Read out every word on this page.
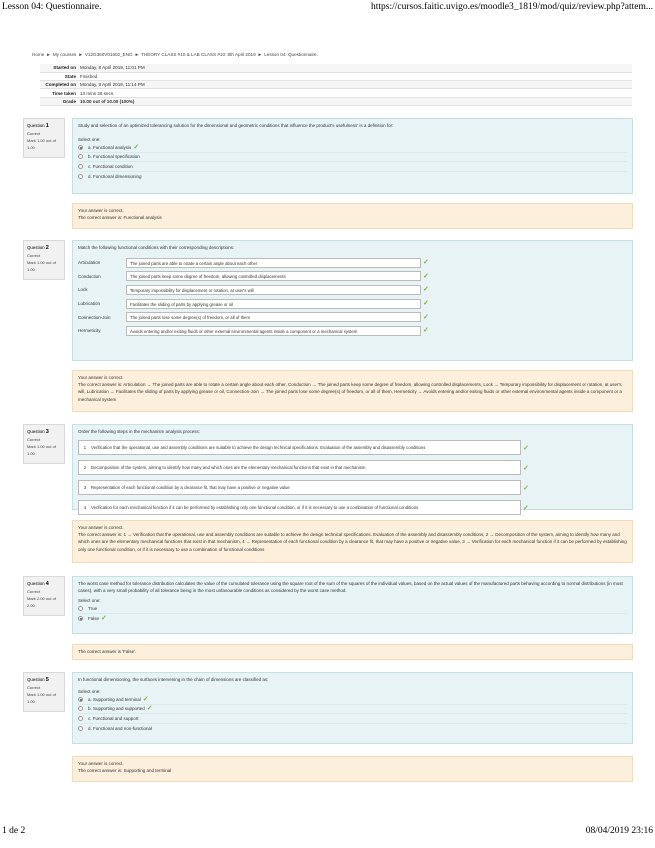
Lesson 04: Questionnaire.	https://cursos.faitic.uvigo.es/moodle3_1819/mod/quiz/review.php?attem...
Home ► My courses ► V12G360V01602_ENG ► THEORY CLASS #10 & LAB CLASS #10: 8th April 2019 ► Lesson 04: Questionnaire.
Started on	Monday, 8 April 2019, 11:01 PM
State	Finished
Completed on	Monday, 8 April 2019, 11:14 PM
Time taken	13 mins 26 secs
Grade	10.00 out of 10.00 (100%)
Question 1
Correct
Mark 1.00 out of 1.00
Study and selection of an optimized tolerancing solution for the dimensional and geometric conditions that influence the product's usefulness' is a definition for:
Select one:
a. Functional analysis ✓
b. Functional specification
c. Functional condition
d. Functional dimensioning
Your answer is correct.
The correct answer is: Functional analysis
Question 2
Correct
Mark 1.00 out of 1.00
Match the following functional conditions with their corresponding descriptions:
Articulation	The joined parts are able to rotate a certain angle about each other	✓
Conduction	The joined parts keep some degree of freedom, allowing controlled displacements	✓
Lock	Temporary impossibility for displacement or rotation, at user's will	✓
Lubrication	Facilitates the sliding of parts by applying grease or oil	✓
Connection-Join	The joined parts lose some degree(s) of freedom, or all of them	✓
Hermeticity	Avoids entering and/or exiting fluids or other external environmental agents inside a component or a mechanical system	✓
Your answer is correct.
The correct answer is: Articulation → The joined parts are able to rotate a certain angle about each other, Conduction → The joined parts keep some degree of freedom, allowing controlled displacements, Lock → Temporary impossibility for displacement or rotation, at user's will, Lubrication → Facilitates the sliding of parts by applying grease or oil, Connection-Join → The joined parts lose some degree(s) of freedom, or all of them, Hermeticity → Avoids entering and/or exiting fluids or other external environmental agents inside a component or a mechanical system
Question 3
Correct
Mark 1.00 out of 1.00
Order the following steps in the mechanism analysis process:
1	Verification that the operational, use and assembly conditions are suitable to achieve the design technical specifications. Evaluation of the assembly and disassembly conditions	✓
2	Decomposition of the system, aiming to identify how many and which ones are the elementary mechanical functions that exist in that mechanism	✓
3	Representation of each functional condition by a clearance fit, that may have a positive or negative value	✓
4	Verification for each mechanical function if it can be performed by establishing only one functional condition, or if it is necessary to use a combination of functional conditions	✓
Your answer is correct.
The correct answer is: 1 → Verification that the operational, use and assembly conditions are suitable to achieve the design technical specifications. Evaluation of the assembly and disassembly conditions, 2 → Decomposition of the system, aiming to identify how many and which ones are the elementary mechanical functions that exist in that mechanism, 4 → Representation of each functional condition by a clearance fit, that may have a positive or negative value, 3 → Verification for each mechanical function if it can be performed by establishing only one functional condition, or if it is necessary to use a combination of functional conditions
Question 4
Correct
Mark 2.00 out of 2.00
The worst case method for tolerance distribution calculates the value of the cumulated tolerance using the square root of the sum of the squares of the individual values, based on the actual values of the manufactured parts behaving according to normal distributions (in most cases), with a very small probability of all tolerance being in the most unfavourable conditions as considered by the worst case method.
Select one:
True
False ✓
The correct answer is 'False'.
Question 5
Correct
Mark 1.00 out of 1.00
In functional dimensioning, the surfaces intervening in the chain of dimensions are classified as:
Select one:
a. Supporting and terminal ✓
b. Supporting and supported ✓
c. Functional and support
d. Functional and non-functional
Your answer is correct.
The correct answer is: Supporting and terminal
1 de 2	08/04/2019 23:16
